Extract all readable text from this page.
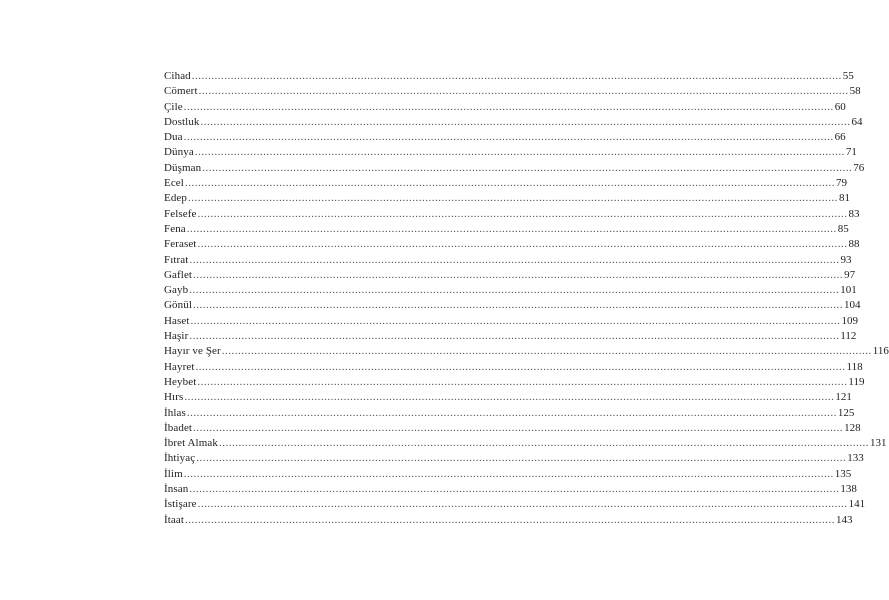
Cihad ........................................................................................................................................................................................................ 55
Cömert ........................................................................................................................................................................................................ 58
Çile ........................................................................................................................................................................................................ 60
Dostluk ........................................................................................................................................................................................................ 64
Dua ........................................................................................................................................................................................................ 66
Dünya ........................................................................................................................................................................................................ 71
Düşman ........................................................................................................................................................................................................ 76
Ecel ........................................................................................................................................................................................................ 79
Edep ........................................................................................................................................................................................................ 81
Felsefe ........................................................................................................................................................................................................ 83
Fena ........................................................................................................................................................................................................ 85
Feraset ........................................................................................................................................................................................................ 88
Fıtrat ........................................................................................................................................................................................................ 93
Gaflet ........................................................................................................................................................................................................ 97
Gayb ........................................................................................................................................................................................................ 101
Gönül ........................................................................................................................................................................................................ 104
Haset ........................................................................................................................................................................................................ 109
Haşir ........................................................................................................................................................................................................ 112
Hayır ve Şer ........................................................................................................................................................................................................ 116
Hayret ........................................................................................................................................................................................................ 118
Heybet ........................................................................................................................................................................................................ 119
Hırs ........................................................................................................................................................................................................ 121
İhlas ........................................................................................................................................................................................................ 125
İbadet ........................................................................................................................................................................................................ 128
İbret Almak ........................................................................................................................................................................................................ 131
İhtiyaç ........................................................................................................................................................................................................ 133
İlim ........................................................................................................................................................................................................ 135
İnsan ........................................................................................................................................................................................................ 138
İstişare ........................................................................................................................................................................................................ 141
İtaat ........................................................................................................................................................................................................ 143
